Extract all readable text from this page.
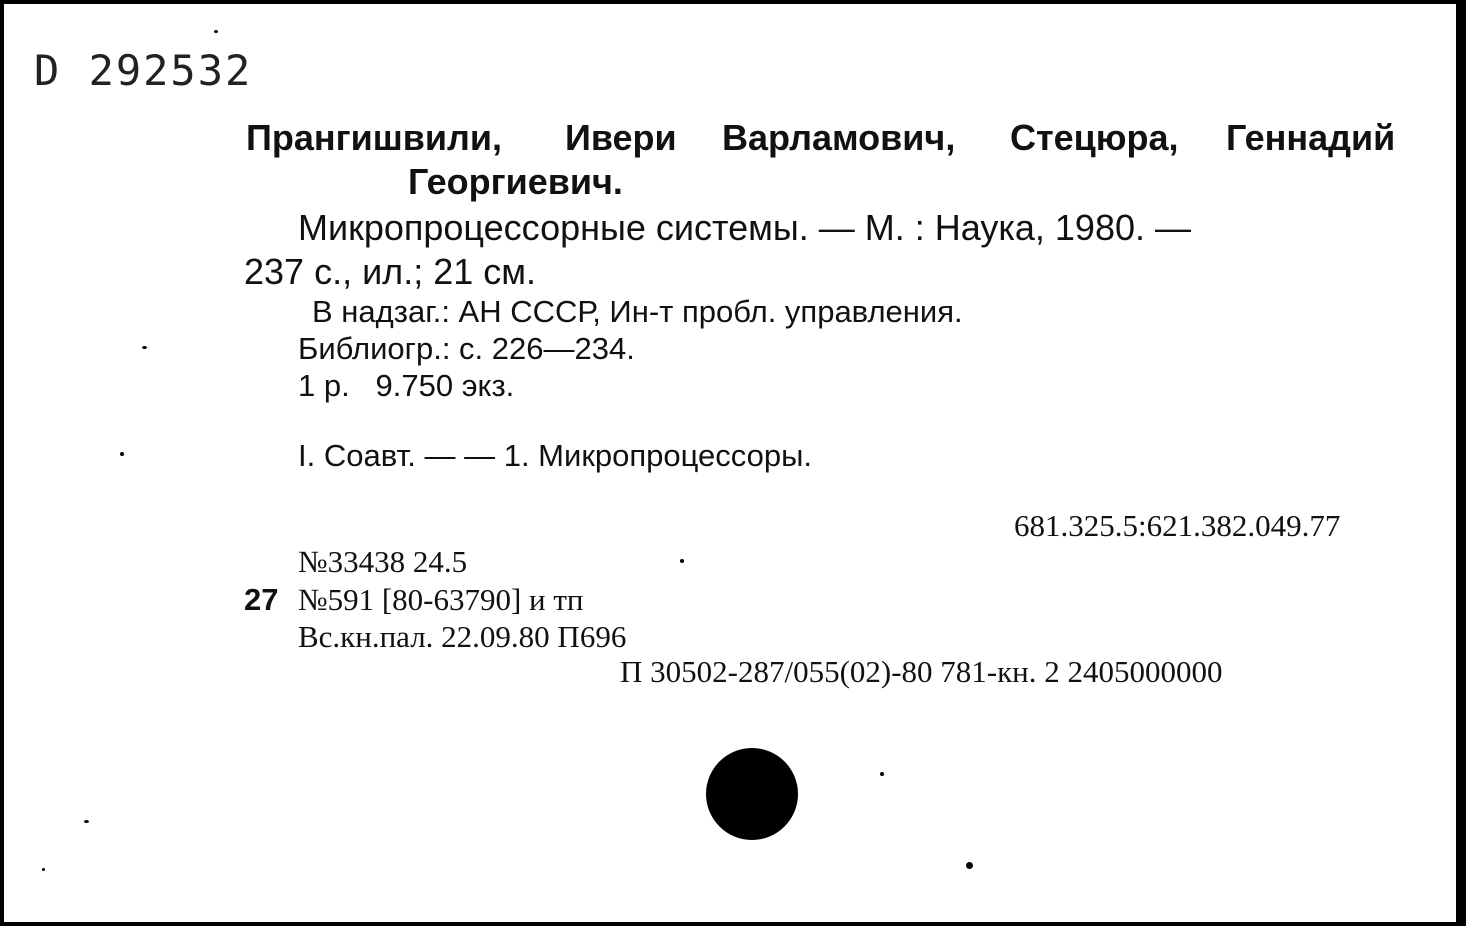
D 292532
Прангишвили, Ивери Варламович, Стецюра, Геннадий
Георгиевич.
Микропроцессорные системы. — М. : Наука, 1980. —
237 с., ил.; 21 см.
В надзаг.: АН СССР, Ин-т пробл. управления.
Библиогр.: с. 226—234.
1 р.   9.750 экз.
I. Соавт. — — 1. Микропроцессоры.
681.325.5:621.382.049.77
№33438 24.5
27 №591 [80-63790] и тп
Вс.кн.пал. 22.09.80 П696
П 30502-287/055(02)-80 781-кн. 2 2405000000
